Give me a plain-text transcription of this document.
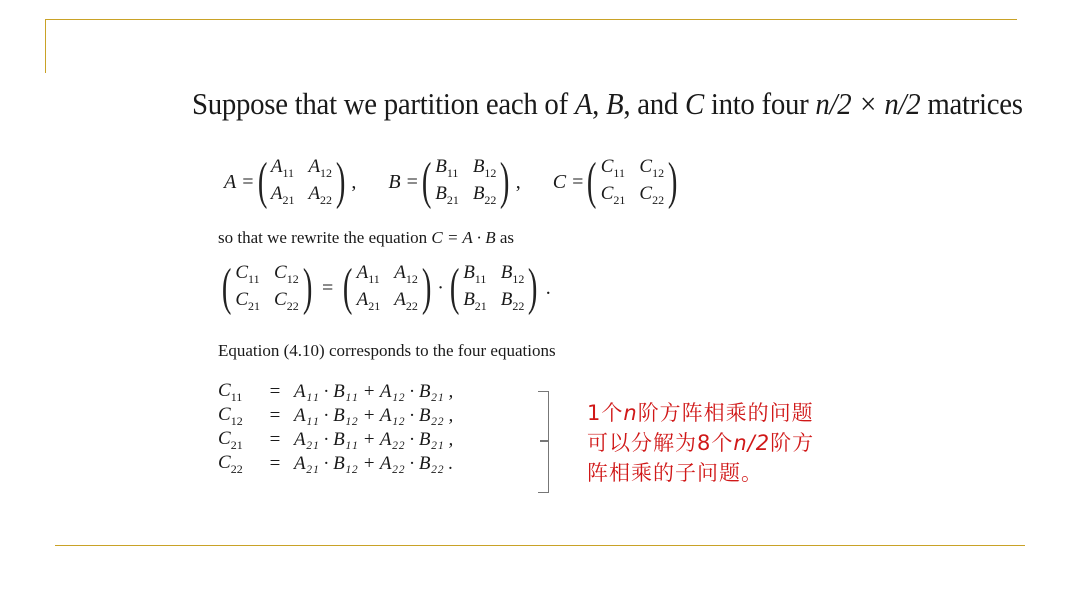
Suppose that we partition each of A, B, and C into four n/2 × n/2 matrices
A = ( $A_{11}$ $A_{12}$
$A_{21}$ $A_{22}$ ) , B = ( $B_{11}$ $B_{12}$
$B_{21}$ $B_{22}$ ) , C = ( $C_{11}$ $C_{12}$
$C_{21}$ $C_{22}$ )
so that we rewrite the equation C = A · B as
( $C_{11}$ $C_{12}$
$C_{21}$ $C_{22}$ ) = ( $A_{11}$ $A_{12}$
$A_{21}$ $A_{22}$ ) · ( $B_{11}$ $B_{12}$
$B_{21}$ $B_{22}$ ) .
Equation (4.10) corresponds to the four equations
$C_{11}$	= A₁₁ · B₁₁ + A₁₂ · B₂₁ ,
$C_{12}$	= A₁₁ · B₁₂ + A₁₂ · B₂₂ ,
$C_{21}$	= A₂₁ · B₁₁ + A₂₂ · B₂₁ ,
$C_{22}$	= A₂₁ · B₁₂ + A₂₂ · B₂₂ .
1个n阶方阵相乘的问题
可以分解为8个n/2阶方
阵相乘的子问题。
